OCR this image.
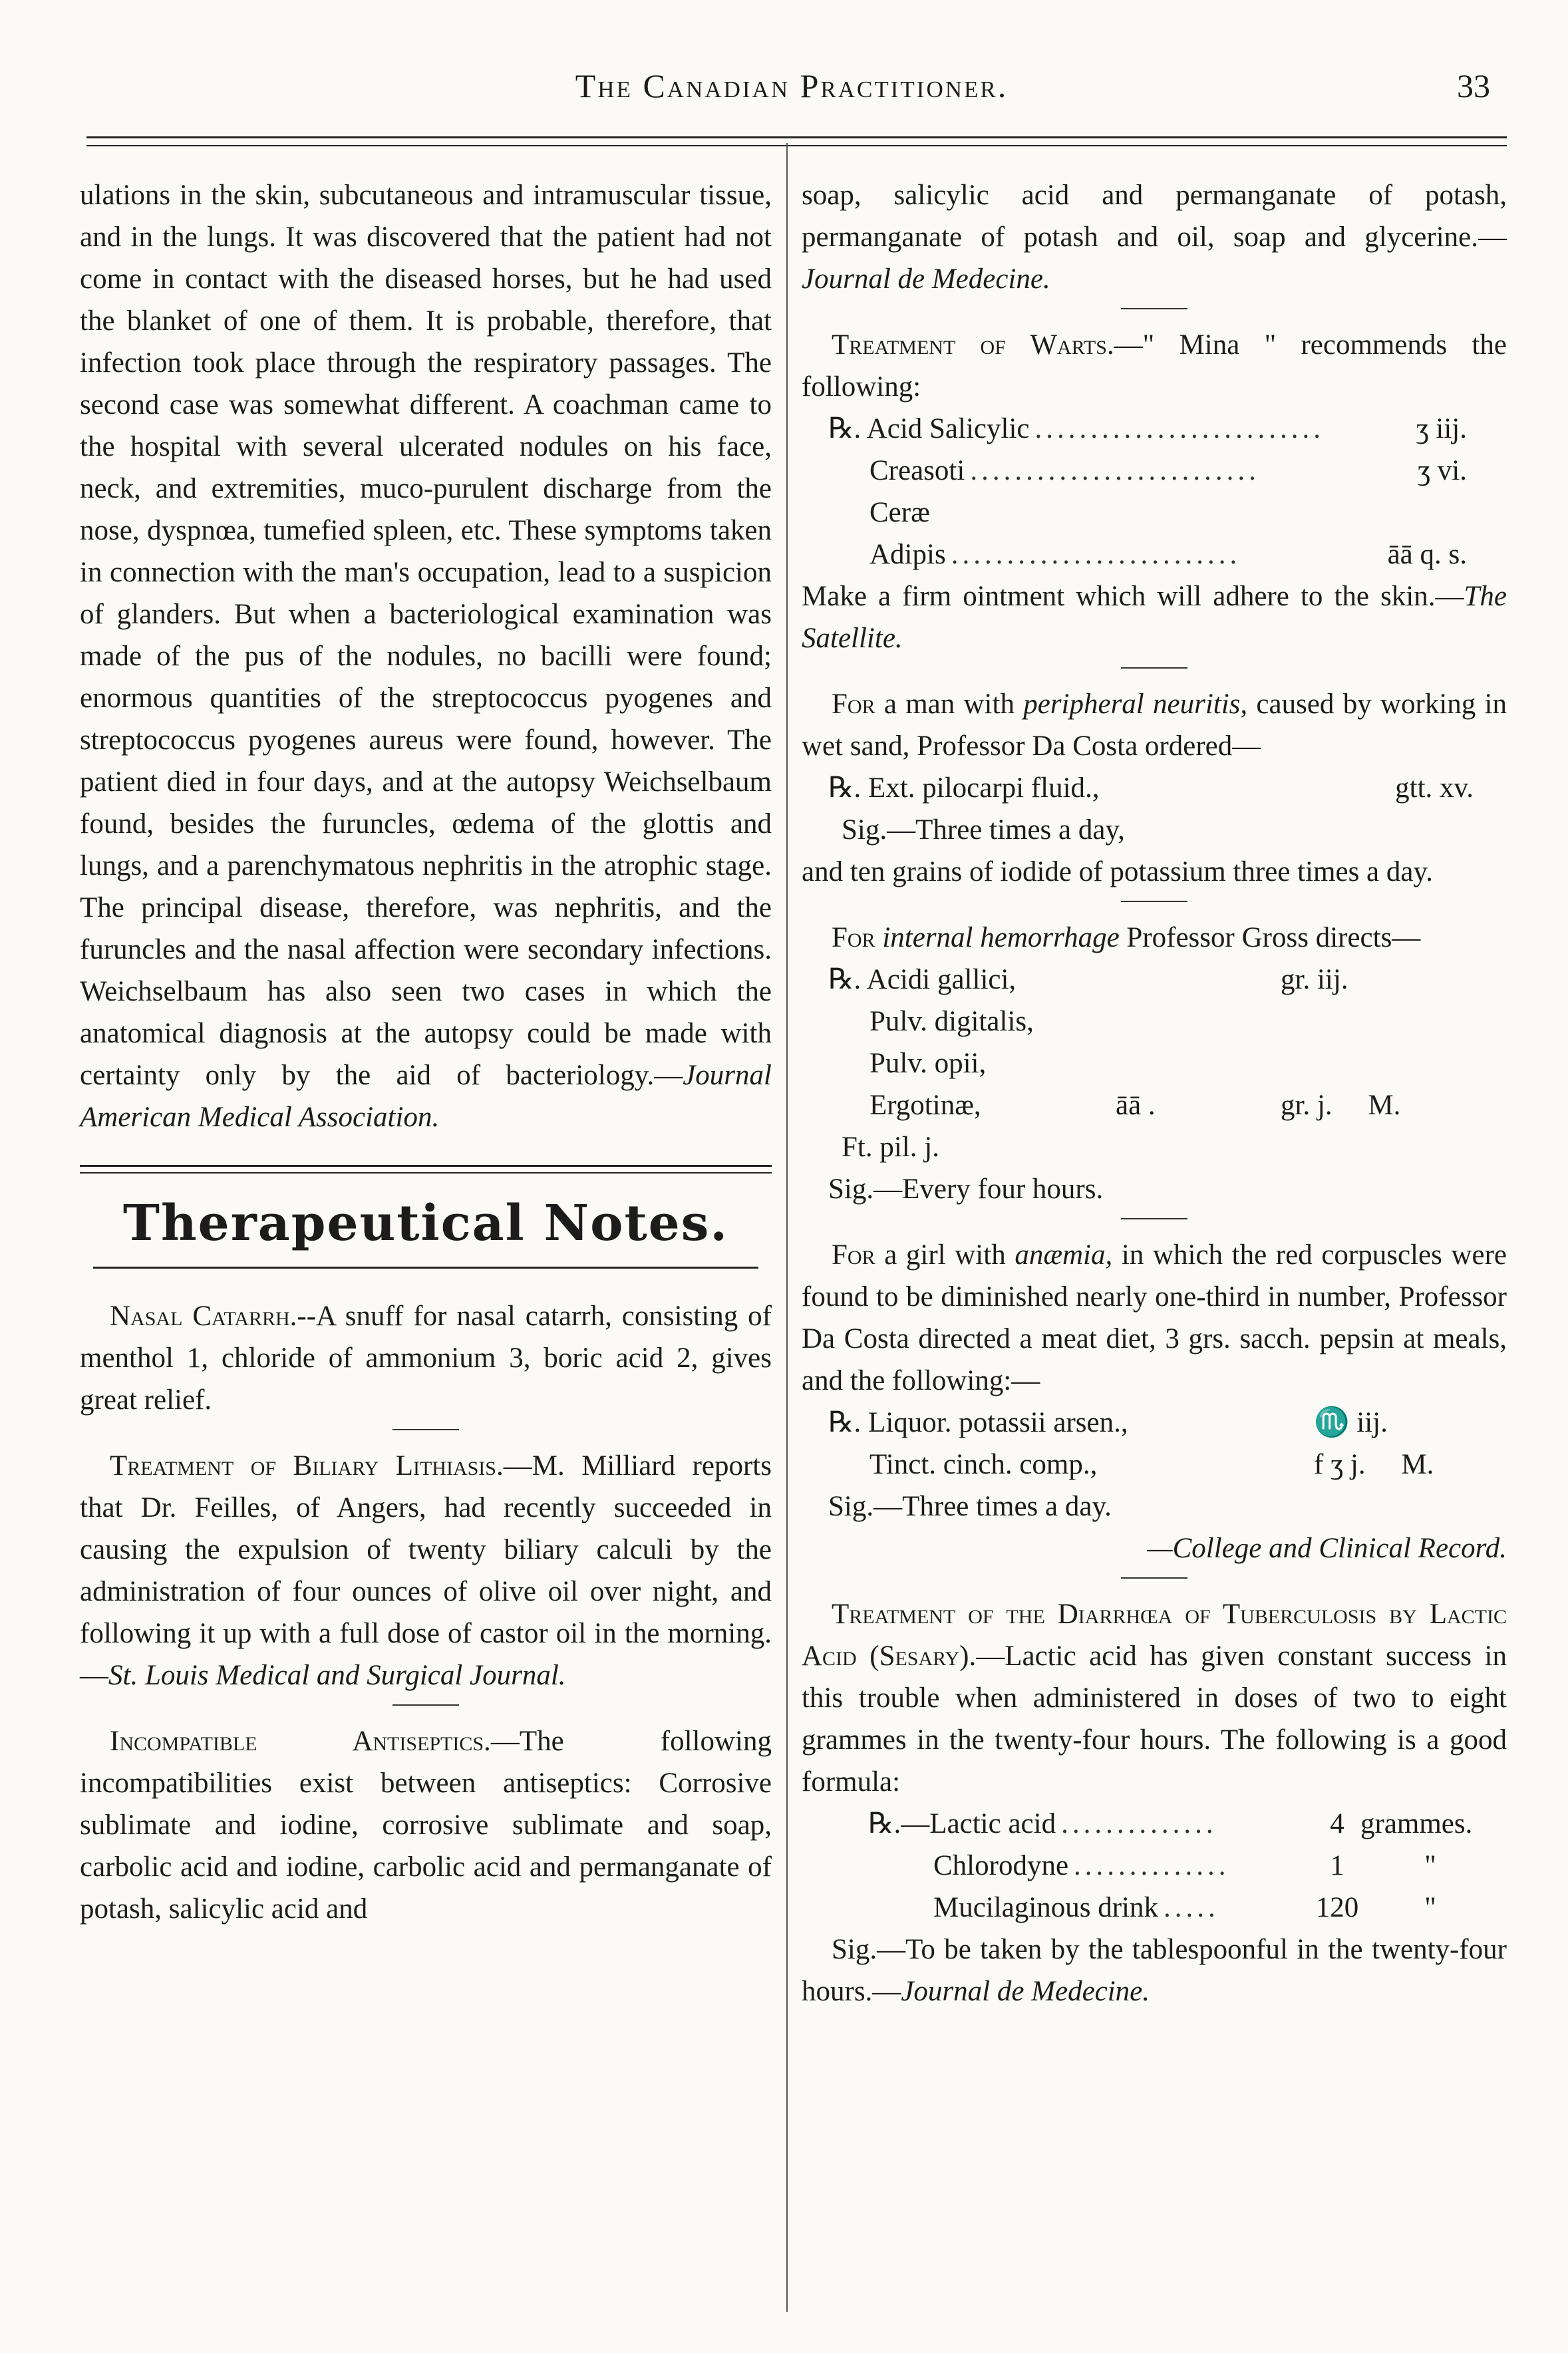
The Canadian Practitioner.	33

ulations in the skin, subcutaneous and intramuscular tissue, and in the lungs. It was discovered that the patient had not come in contact with the diseased horses, but he had used the blanket of one of them. It is probable, therefore, that infection took place through the respiratory passages. The second case was somewhat different. A coachman came to the hospital with several ulcerated nodules on his face, neck, and extremities, muco-purulent discharge from the nose, dyspnœa, tumefied spleen, etc. These symptoms taken in connection with the man's occupation, lead to a suspicion of glanders. But when a bacteriological examination was made of the pus of the nodules, no bacilli were found; enormous quantities of the streptococcus pyogenes and streptococcus pyogenes aureus were found, however. The patient died in four days, and at the autopsy Weichselbaum found, besides the furuncles, œdema of the glottis and lungs, and a parenchymatous nephritis in the atrophic stage. The principal disease, therefore, was nephritis, and the furuncles and the nasal affection were secondary infections. Weichselbaum has also seen two cases in which the anatomical diagnosis at the autopsy could be made with certainty only by the aid of bacteriology.—Journal American Medical Association.

Therapeutical Notes.

Nasal Catarrh.--A snuff for nasal catarrh, consisting of menthol 1, chloride of ammonium 3, boric acid 2, gives great relief.

Treatment of Biliary Lithiasis.—M. Milliard reports that Dr. Feilles, of Angers, had recently succeeded in causing the expulsion of twenty biliary calculi by the administration of four ounces of olive oil over night, and following it up with a full dose of castor oil in the morning.—St. Louis Medical and Surgical Journal.

Incompatible Antiseptics.—The following incompatibilities exist between antiseptics: Corrosive sublimate and iodine, corrosive sublimate and soap, carbolic acid and iodine, carbolic acid and permanganate of potash, salicylic acid and

soap, salicylic acid and permanganate of potash, permanganate of potash and oil, soap and glycerine.—Journal de Medecine.

Treatment of Warts.—" Mina " recommends the following:

℞. Acid Salicylic ..........................	ʒ iij.
Creasoti ..........................	ʒ vi.
Ceræ
Adipis ..........................	āā q. s.

Make a firm ointment which will adhere to the skin.—The Satellite.

For a man with peripheral neuritis, caused by working in wet sand, Professor Da Costa ordered—

℞. Ext. pilocarpi fluid.,	gtt. xv.
Sig.—Three times a day,

and ten grains of iodide of potassium three times a day.

For internal hemorrhage Professor Gross directs—

℞. Acidi gallici,	gr. iij.
Pulv. digitalis,
Pulv. opii,
Ergotinæ,	āā .	gr. j.     M.
Ft. pil. j.
Sig.—Every four hours.

For a girl with anæmia, in which the red corpuscles were found to be diminished nearly one-third in number, Professor Da Costa directed a meat diet, 3 grs. sacch. pepsin at meals, and the following:—

℞. Liquor. potassii arsen.,	♏ iij.
Tinct. cinch. comp.,	f ʒ j.     M.
Sig.—Three times a day.

—College and Clinical Record.

Treatment of the Diarrhœa of Tuberculosis by Lactic Acid (Sesary).—Lactic acid has given constant success in this trouble when administered in doses of two to eight grammes in the twenty-four hours. The following is a good formula:

℞.—Lactic acid ..............	4 grammes.
Chlorodyne ..............	1	"
Mucilaginous drink .....	120	"

Sig.—To be taken by the tablespoonful in the twenty-four hours.—Journal de Medecine.
